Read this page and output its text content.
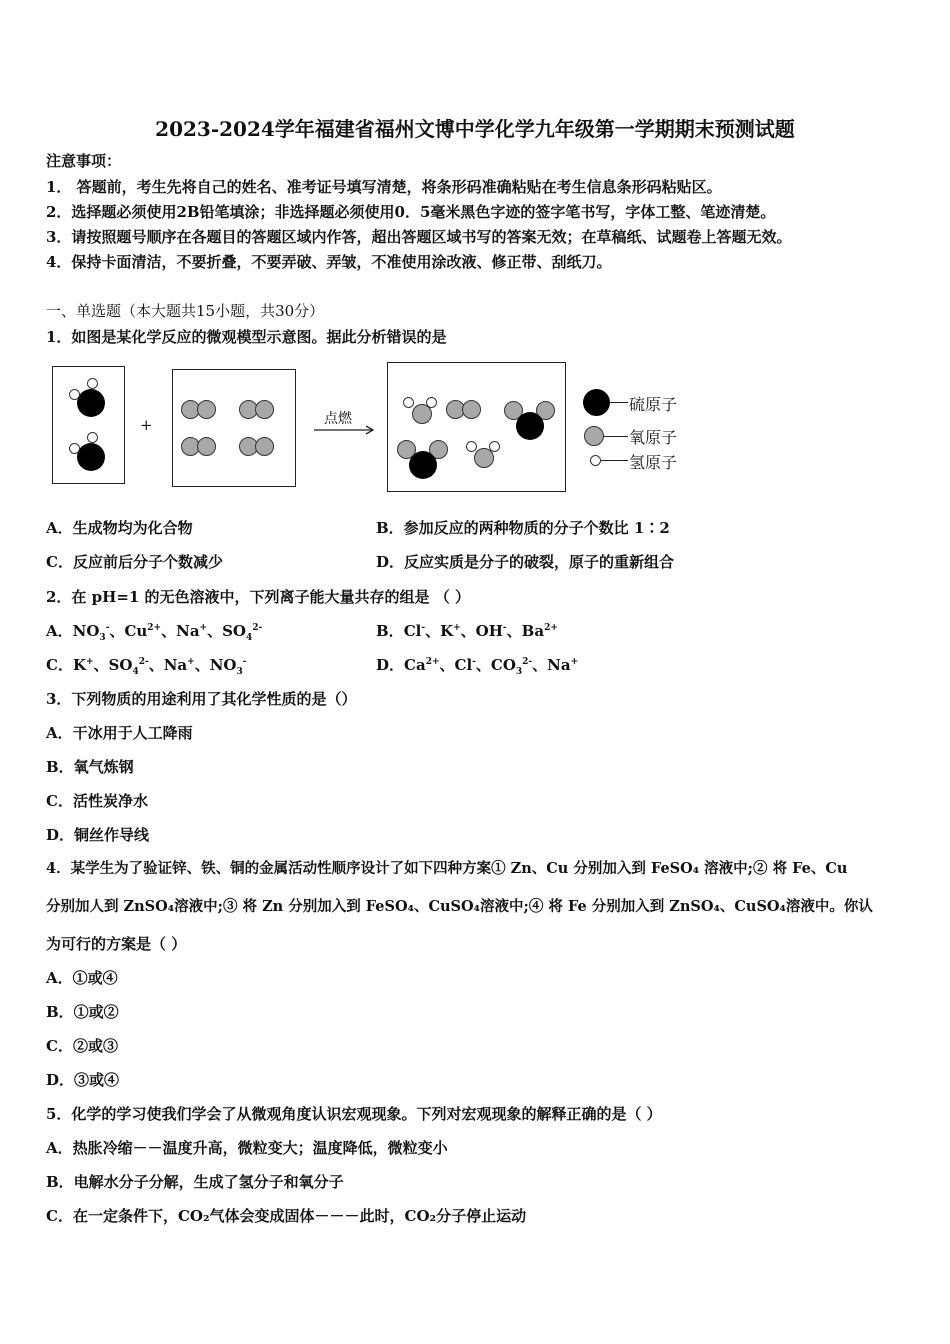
2023-2024学年福建省福州文博中学化学九年级第一学期期末预测试题
注意事项：
1． 答题前，考生先将自己的姓名、准考证号填写清楚，将条形码准确粘贴在考生信息条形码粘贴区。
2．选择题必须使用2B铅笔填涂；非选择题必须使用0．5毫米黑色字迹的签字笔书写，字体工整、笔迹清楚。
3．请按照题号顺序在各题目的答题区域内作答，超出答题区域书写的答案无效；在草稿纸、试题卷上答题无效。
4．保持卡面清洁，不要折叠，不要弄破、弄皱，不准使用涂改液、修正带、刮纸刀。
一、单选题（本大题共15小题，共30分）
1．如图是某化学反应的微观模型示意图。据此分析错误的是
+	点燃
硫原子
氧原子
氢原子
A．生成物均为化合物	B．参加反应的两种物质的分子个数比 1∶2
C．反应前后分子个数减少	D．反应实质是分子的破裂，原子的重新组合
2．在 pH=1 的无色溶液中，下列离子能大量共存的组是 （ ）
A．$NO_3^-$、$Cu^{2+}$、Na+、$SO_4^{2-}$	B．Cl-、K+、OH-、$Ba^{2+}$
C．K+、$SO_4^{2-}$、Na+、$NO_3^-$	D．$Ca^{2+}$、Cl-、$CO_3^{2-}$、Na+
3．下列物质的用途利用了其化学性质的是（）
A．干冰用于人工降雨
B．氧气炼钢
C．活性炭净水
D．铜丝作导线
4．某学生为了验证锌、铁、铜的金属活动性顺序设计了如下四种方案① Zn、Cu 分别加入到 FeSO₄ 溶液中;② 将 Fe、Cu
分别加人到 ZnSO₄溶液中;③ 将 Zn 分别加入到 FeSO₄、CuSO₄溶液中;④ 将 Fe 分别加入到 ZnSO₄、CuSO₄溶液中。你认
为可行的方案是（ ）
A．①或④
B．①或②
C．②或③
D．③或④
5．化学的学习使我们学会了从微观角度认识宏观现象。下列对宏观现象的解释正确的是（ ）
A．热胀冷缩－－温度升高，微粒变大；温度降低，微粒变小
B．电解水分子分解，生成了氢分子和氧分子
C．在一定条件下，CO₂气体会变成固体－－－此时，CO₂分子停止运动
